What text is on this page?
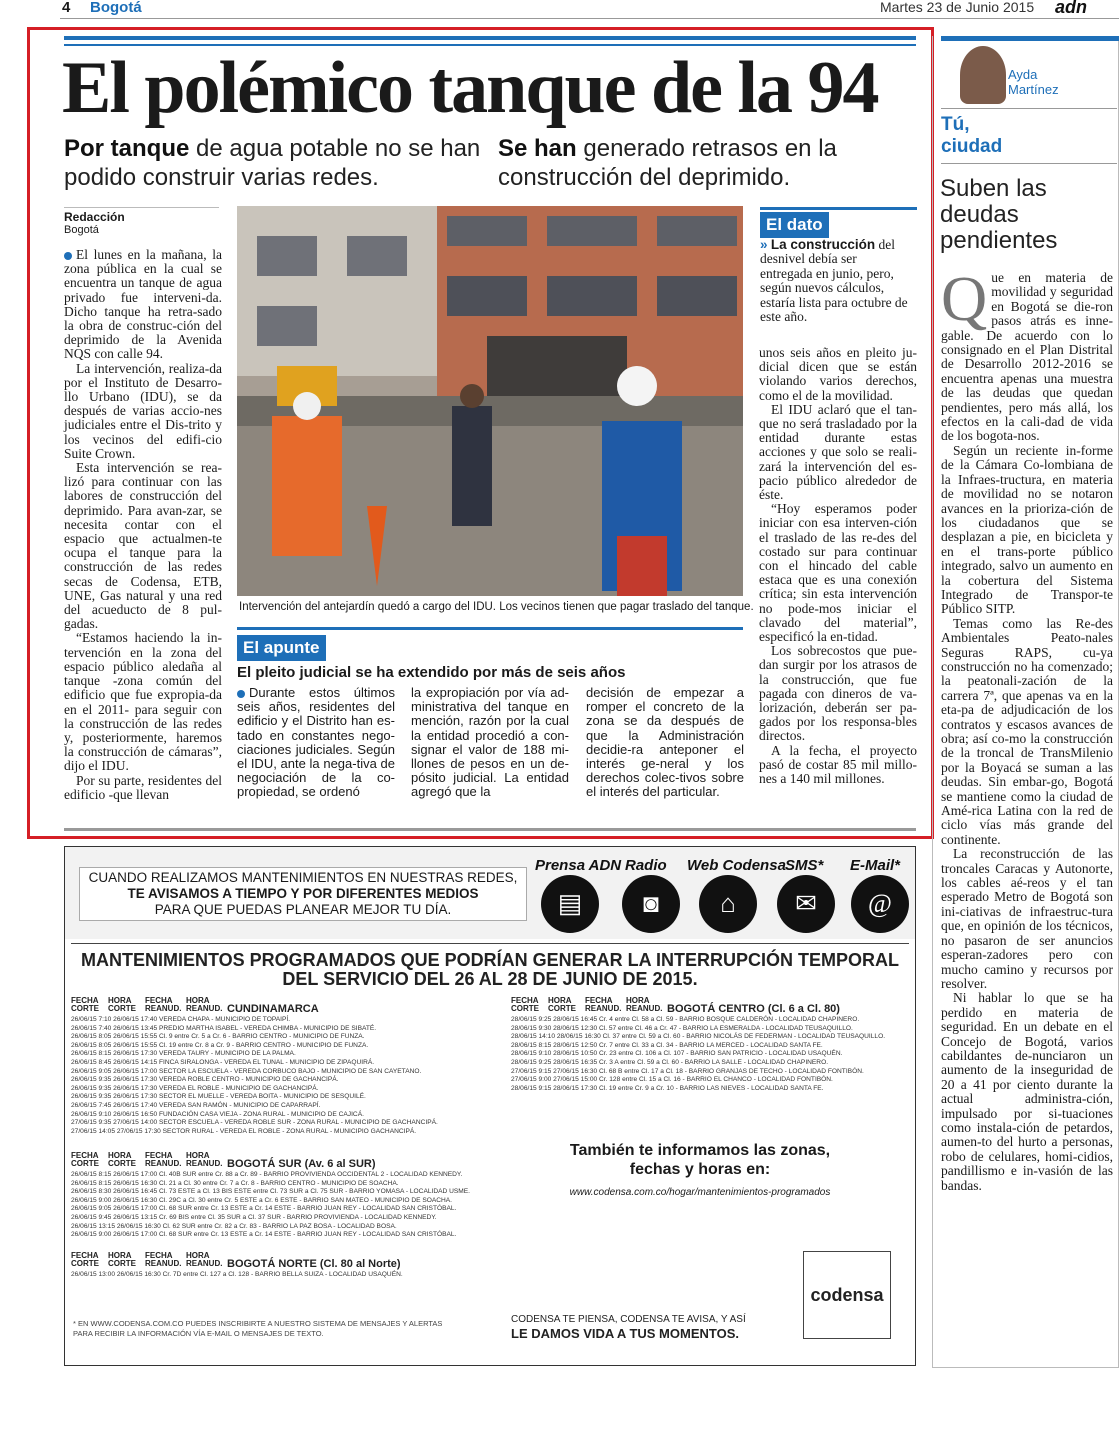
4 Bogotá	Martes 23 de Junio 2015 adn
El polémico tanque de la 94
Por tanque de agua potable no se han podido construir varias redes.
Se han generado retrasos en la construcción del deprimido.
Redacción
Bogotá

El lunes en la mañana, la zona pública en la cual se encuentra un tanque de agua privado fue interveni-da. Dicho tanque ha retra-sado la obra de construc-ción del deprimido de la Avenida NQS con calle 94.

La intervención, realiza-da por el Instituto de Desarro-llo Urbano (IDU), se da después de varias accio-nes judiciales entre el Dis-trito y los vecinos del edifi-cio Suite Crown.

Esta intervención se rea-lizó para continuar con las labores de construcción del deprimido. Para avan-zar, se necesita contar con el espacio que actualmen-te ocupa el tanque para la construcción de las redes secas de Codensa, ETB, UNE, Gas natural y una red del acueducto de 8 pul-gadas.

“Estamos haciendo la in-tervención en la zona del espacio público aledaña al tanque -zona común del edificio que fue expropia-da en el 2011- para seguir con la construcción de las redes y, posteriormente, haremos la construcción de cámaras”, dijo el IDU.

Por su parte, residentes del edificio -que llevan

Intervención del antejardín quedó a cargo del IDU. Los vecinos tienen que pagar traslado del tanque.
El dato
» La construcción del desnivel debía ser entregada en junio, pero, según nuevos cálculos, estaría lista para octubre de este año.

unos seis años en pleito ju-dicial dicen que se están violando varios derechos, como el de la movilidad.

El IDU aclaró que el tan-que no será trasladado por la entidad durante estas acciones y que solo se reali-zará la intervención del es-pacio público alrededor de éste.

“Hoy esperamos poder iniciar con esa interven-ción el traslado de las re-des del costado sur para continuar con el hincado del cable estaca que es una conexión crítica; sin esta intervención no pode-mos iniciar el clavado del material”, especificó la en-tidad.

Los sobrecostos que pue-dan surgir por los atrasos de la construcción, que fue pagada con dineros de va-lorización, deberán ser pa-gados por los responsa-bles directos.

A la fecha, el proyecto pasó de costar 85 mil millo-nes a 140 mil millones.

El apunte
El pleito judicial se ha extendido por más de seis años

Durante estos últimos seis años, residentes del edificio y el Distrito han es-tado en constantes nego-ciaciones judiciales. Según el IDU, ante la nega-tiva de negociación de la co-propiedad, se ordenó

la expropiación por vía ad-ministrativa del tanque en mención, razón por la cual la entidad procedió a con-signar el valor de 188 mi-llones de pesos en un de-pósito judicial. La entidad agregó que la

decisión de empezar a romper el concreto de la zona se da después de que la Administración decidie-ra anteponer el interés ge-neral y los derechos colec-tivos sobre el interés del particular.

Ayda
Martínez
Tú, ciudad
Suben las deudas pendientes
Q ue en materia de movilidad y seguridad en Bogotá se die-ron pasos atrás es inne-gable. De acuerdo con lo consignado en el Plan Distrital de Desarrollo 2012-2016 se encuentra apenas una muestra de las deudas que quedan pendientes, pero más allá, los efectos en la cali-dad de vida de los bogota-nos.

Según un reciente in-forme de la Cámara Co-lombiana de la Infraes-tructura, en materia de movilidad no se notaron avances en la prioriza-ción de los ciudadanos que se desplazan a pie, en bicicleta y en el trans-porte público integrado, salvo un aumento en la cobertura del Sistema Integrado de Transpor-te Público SITP.

Temas como las Re-des Ambientales Peato-nales Seguras RAPS, cu-ya construcción no ha comenzado; la peatonali-zación de la carrera 7ª, que apenas va en la eta-pa de adjudicación de los contratos y escasos avances de obra; así co-mo la construcción de la troncal de TransMilenio por la Boyacá se suman a las deudas. Sin embar-go, Bogotá se mantiene como la ciudad de Amé-rica Latina con la red de ciclo vías más grande del continente.

La reconstrucción de las troncales Caracas y Autonorte, los cables aé-reos y el tan esperado Metro de Bogotá son ini-ciativas de infraestruc-tura que, en opinión de los técnicos, no pasaron de ser anuncios esperan-zadores pero con mucho camino y recursos por resolver.

Ni hablar lo que se ha perdido en materia de seguridad. En un debate en el Concejo de Bogotá, varios cabildantes de-nunciaron un aumento de la inseguridad de 20 a 41 por ciento durante la actual administra-ción, impulsado por si-tuaciones como instala-ción de petardos, aumen-to del hurto a personas, robo de celulares, homi-cidios, pandillismo e in-vasión de las bandas.

CUANDO REALIZAMOS MANTENIMIENTOS EN NUESTRAS REDES,
TE AVISAMOS A TIEMPO Y POR DIFERENTES MEDIOS
PARA QUE PUEDAS PLANEAR MEJOR TU DÍA.
Prensa ADN
▤
Radio
◙
Web Codensa
⌂
SMS*
✉
E-Mail*
@
MANTENIMIENTOS PROGRAMADOS QUE PODRÍAN GENERAR LA INTERRUPCIÓN TEMPORAL
DEL SERVICIO DEL 26 AL 28 DE JUNIO DE 2015.
FECHA CORTE
HORA CORTE
FECHA REANUD.
HORA REANUD. CUNDINAMARCA
26/06/15 7:10 26/06/15 17:40 VEREDA CHAPA - MUNICIPIO DE TOPAIPÍ.
26/06/15 7:40 26/06/15 13:45 PREDIO MARTHA ISABEL - VEREDA CHIMBA - MUNICIPIO DE SIBATÉ.
26/06/15 8:05 26/06/15 15:55 Cl. 9 entre Cr. 5 a Cr. 6 - BARRIO CENTRO - MUNICIPIO DE FUNZA.
26/06/15 8:05 26/06/15 15:55 Cl. 19 entre Cr. 8 a Cr. 9 - BARRIO CENTRO - MUNICIPIO DE FUNZA.
26/06/15 8:15 26/06/15 17:30 VEREDA TAURY - MUNICIPIO DE LA PALMA.
26/06/15 8:45 26/06/15 14:15 FINCA SIRALONGA - VEREDA EL TUNAL - MUNICIPIO DE ZIPAQUIRÁ.
26/06/15 9:05 26/06/15 17:00 SECTOR LA ESCUELA - VEREDA CORBUCO BAJO - MUNICIPIO DE SAN CAYETANO.
26/06/15 9:35 26/06/15 17:30 VEREDA ROBLE CENTRO - MUNICIPIO DE GACHANCIPÁ.
26/06/15 9:35 26/06/15 17:30 VEREDA EL ROBLE - MUNICIPIO DE GACHANCIPÁ.
26/06/15 9:35 26/06/15 17:30 SECTOR EL MUELLE - VEREDA BOITA - MUNICIPIO DE SESQUILÉ.
26/06/15 7:45 26/06/15 17:40 VEREDA SAN RAMÓN - MUNICIPIO DE CAPARRAPÍ.
26/06/15 9:10 26/06/15 16:50 FUNDACIÓN CASA VIEJA - ZONA RURAL - MUNICIPIO DE CAJICÁ.
27/06/15 9:35 27/06/15 14:00 SECTOR ESCUELA - VEREDA ROBLE SUR - ZONA RURAL - MUNICIPIO DE GACHANCIPÁ.
27/06/15 14:05 27/06/15 17:30 SECTOR RURAL - VEREDA EL ROBLE - ZONA RURAL - MUNICIPIO GACHANCIPÁ.
FECHA CORTE
HORA CORTE
FECHA REANUD.
HORA REANUD. BOGOTÁ CENTRO (Cl. 6 a Cl. 80)
28/06/15 9:25 28/06/15 16:45 Cr. 4 entre Cl. 58 a Cl. 59 - BARRIO BOSQUE CALDERÓN - LOCALIDAD CHAPINERO.
28/06/15 9:30 28/06/15 12:30 Cl. 57 entre Cl. 46 a Cr. 47 - BARRIO LA ESMERALDA - LOCALIDAD TEUSAQUILLO.
28/06/15 14:10 28/06/15 16:30 Cl. 37 entre Cl. 59 a Cl. 60 - BARRIO NICOLÁS DE FEDERMAN - LOCALIDAD TEUSAQUILLO.
28/06/15 8:15 28/06/15 12:50 Cr. 7 entre Cl. 33 a Cl. 34 - BARRIO LA MERCED - LOCALIDAD SANTA FE.
28/06/15 9:10 28/06/15 10:50 Cr. 23 entre Cl. 106 a Cl. 107 - BARRIO SAN PATRICIO - LOCALIDAD USAQUÉN.
28/06/15 9:25 28/06/15 16:35 Cr. 3 A entre Cl. 59 a Cl. 60 - BARRIO LA SALLE - LOCALIDAD CHAPINERO.
27/06/15 9:15 27/06/15 16:30 Cl. 68 B entre Cl. 17 a Cl. 18 - BARRIO GRANJAS DE TECHO - LOCALIDAD FONTIBÓN.
27/06/15 9:00 27/06/15 15:00 Cr. 128 entre Cl. 15 a Cl. 16 - BARRIO EL CHANCO - LOCALIDAD FONTIBÓN.
28/06/15 9:15 28/06/15 17:30 Cl. 19 entre Cr. 9 a Cr. 10 - BARRIO LAS NIEVES - LOCALIDAD SANTA FE.
FECHA CORTE
HORA CORTE
FECHA REANUD.
HORA REANUD. BOGOTÁ SUR (Av. 6 al SUR)
26/06/15 8:15 26/06/15 17:00 Cl. 40B SUR entre Cr. 88 a Cr. 89 - BARRIO PROVIVIENDA OCCIDENTAL 2 - LOCALIDAD KENNEDY.
26/06/15 8:15 26/06/15 16:30 Cl. 21 a Cl. 30 entre Cr. 7 a Cr. 8 - BARRIO CENTRO - MUNICIPIO DE SOACHA.
26/06/15 8:30 26/06/15 16:45 Cl. 73 ESTE a Cl. 13 BIS ESTE entre Cl. 73 SUR a Cl. 75 SUR - BARRIO YOMASA - LOCALIDAD USME.
26/06/15 9:00 26/06/15 16:30 Cl. 29C a Cl. 30 entre Cr. 5 ESTE a Cr. 6 ESTE - BARRIO SAN MATEO - MUNICIPIO DE SOACHA.
26/06/15 9:05 26/06/15 17:00 Cl. 68 SUR entre Cr. 13 ESTE a Cr. 14 ESTE - BARRIO JUAN REY - LOCALIDAD SAN CRISTÓBAL.
26/06/15 9:45 26/06/15 13:15 Cr. 69 BIS entre Cl. 35 SUR a Cl. 37 SUR - BARRIO PROVIVIENDA - LOCALIDAD KENNEDY.
26/06/15 13:15 26/06/15 16:30 Cl. 62 SUR entre Cr. 82 a Cr. 83 - BARRIO LA PAZ BOSA - LOCALIDAD BOSA.
26/06/15 9:00 26/06/15 17:00 Cl. 68 SUR entre Cr. 13 ESTE a Cr. 14 ESTE - BARRIO JUAN REY - LOCALIDAD SAN CRISTÓBAL.
FECHA CORTE
HORA CORTE
FECHA REANUD.
HORA REANUD. BOGOTÁ NORTE (Cl. 80 al Norte)
26/06/15 13:00 26/06/15 16:30 Cr. 7D entre Cl. 127 a Cl. 128 - BARRIO BELLA SUIZA - LOCALIDAD USAQUÉN.
También te informamos las zonas,
fechas y horas en:
www.codensa.com.co/hogar/mantenimientos-programados
* EN WWW.CODENSA.COM.CO PUEDES INSCRIBIRTE A NUESTRO SISTEMA DE MENSAJES Y ALERTAS
PARA RECIBIR LA INFORMACIÓN VÍA E-MAIL O MENSAJES DE TEXTO.
CODENSA TE PIENSA, CODENSA TE AVISA, Y ASÍ
LE DAMOS VIDA A TUS MOMENTOS.
codensa
